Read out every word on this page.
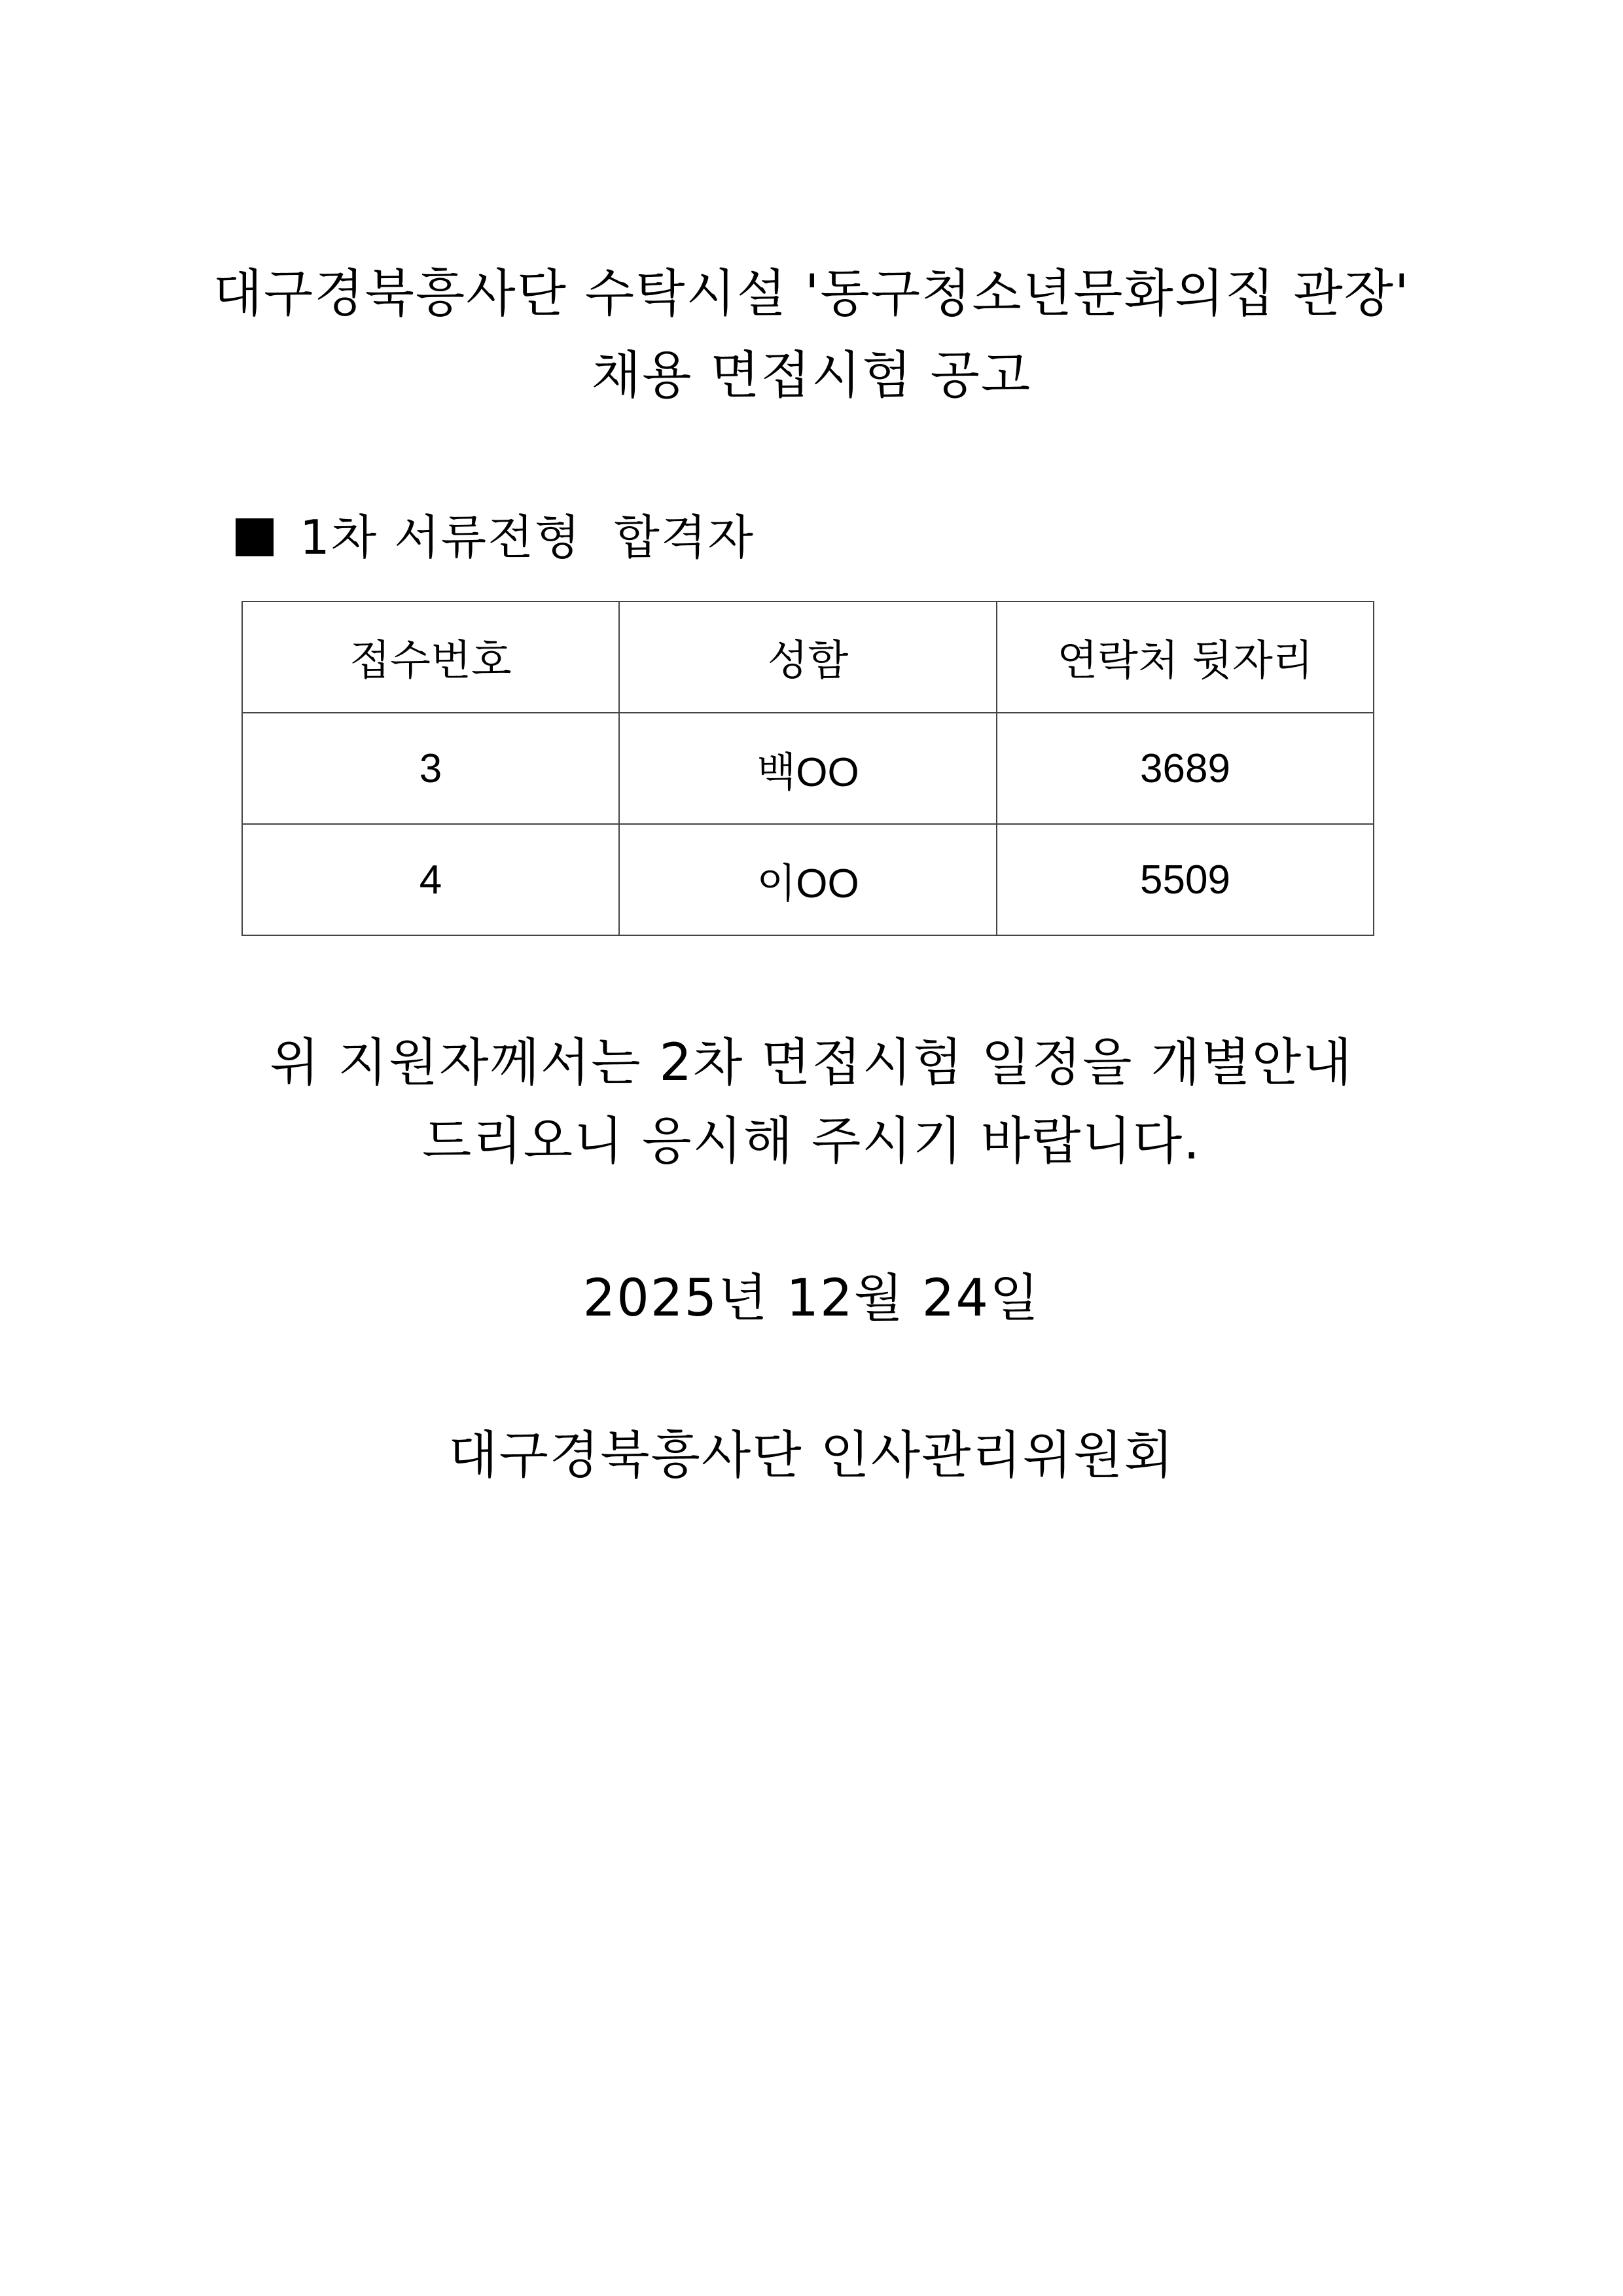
대구경북흥사단 수탁시설 '동구청소년문화의집 관장'
채용 면접시험 공고
1차 서류전형  합격자
접수번호	성함	연락처 뒷자리
3	백OO	3689
4	이OO	5509
위 지원자께서는 2차 면접시험 일정을 개별안내
드리오니 응시해 주시기 바랍니다.
2025년 12월 24일
대구경북흥사단 인사관리위원회
